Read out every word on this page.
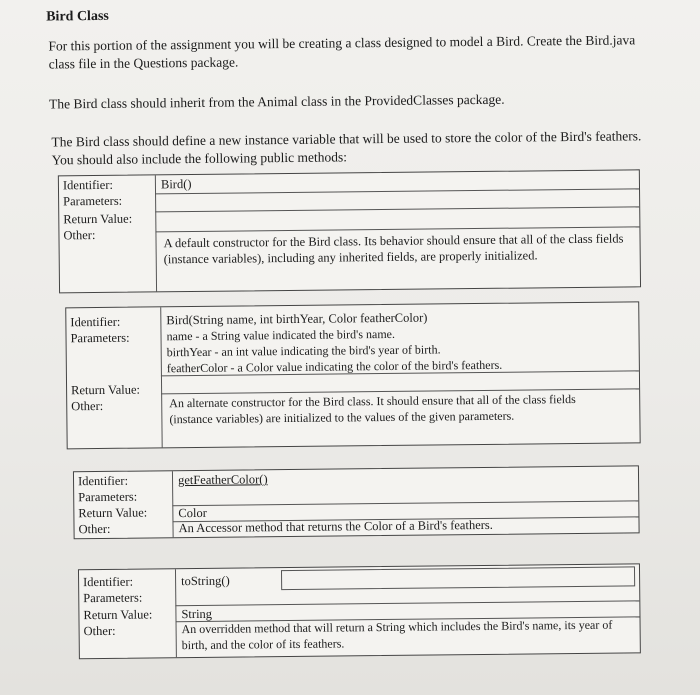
Bird Class
For this portion of the assignment you will be creating a class designed to model a Bird. Create the Bird.java class file in the Questions package.
The Bird class should inherit from the Animal class in the ProvidedClasses package.
The Bird class should define a new instance variable that will be used to store the color of the Bird's feathers. You should also include the following public methods:
Identifier:
Parameters:
Return Value:
Other:
Bird()
A default constructor for the Bird class. Its behavior should ensure that all of the class fields (instance variables), including any inherited fields, are properly initialized.
Identifier:
Parameters:
Return Value:
Other:
Bird(String name, int birthYear, Color featherColor)
name - a String value indicated the bird's name.
birthYear - an int value indicating the bird's year of birth.
featherColor - a Color value indicating the color of the bird's feathers.
An alternate constructor for the Bird class. It should ensure that all of the class fields (instance variables) are initialized to the values of the given parameters.
Identifier:
Parameters:
Return Value:
Other:
getFeatherColor()
Color
An Accessor method that returns the Color of a Bird's feathers.
Identifier:
Parameters:
Return Value:
Other:
toString()
String
An overridden method that will return a String which includes the Bird's name, its year of birth, and the color of its feathers.
